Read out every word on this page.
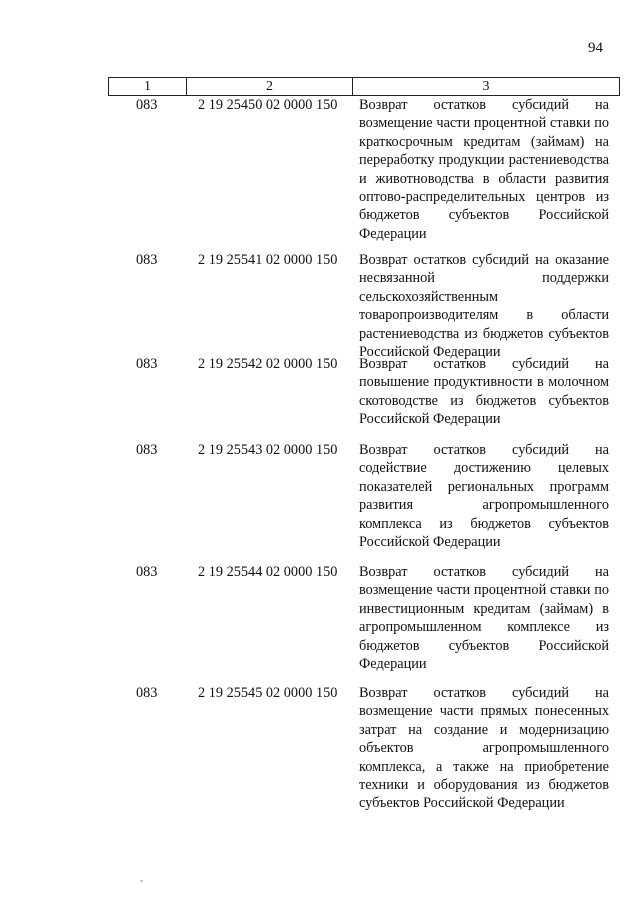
94
1	2	3
083	2 19 25450 02 0000 150 Возврат остатков субсидий на возмещение части процентной ставки по краткосрочным кредитам (займам) на переработку продукции растениеводства и животноводства в области развития оптово-распределительных центров из бюджетов субъектов Российской Федерации
083	2 19 25541 02 0000 150 Возврат остатков субсидий на оказание несвязанной поддержки сельскохозяйственным товаропроизводителям в области растениеводства из бюджетов субъектов Российской Федерации
083	2 19 25542 02 0000 150 Возврат остатков субсидий на повышение продуктивности в молочном скотоводстве из бюджетов субъектов Российской Федерации
083	2 19 25543 02 0000 150 Возврат остатков субсидий на содействие достижению целевых показателей региональных программ развития агропромышленного комплекса из бюджетов субъектов Российской Федерации
083	2 19 25544 02 0000 150 Возврат остатков субсидий на возмещение части процентной ставки по инвестиционным кредитам (займам) в агропромышленном комплексе из бюджетов субъектов Российской Федерации
083	2 19 25545 02 0000 150 Возврат остатков субсидий на возмещение части прямых понесенных затрат на создание и модернизацию объектов агропромышленного комплекса, а также на приобретение техники и оборудования из бюджетов субъектов Российской Федерации
